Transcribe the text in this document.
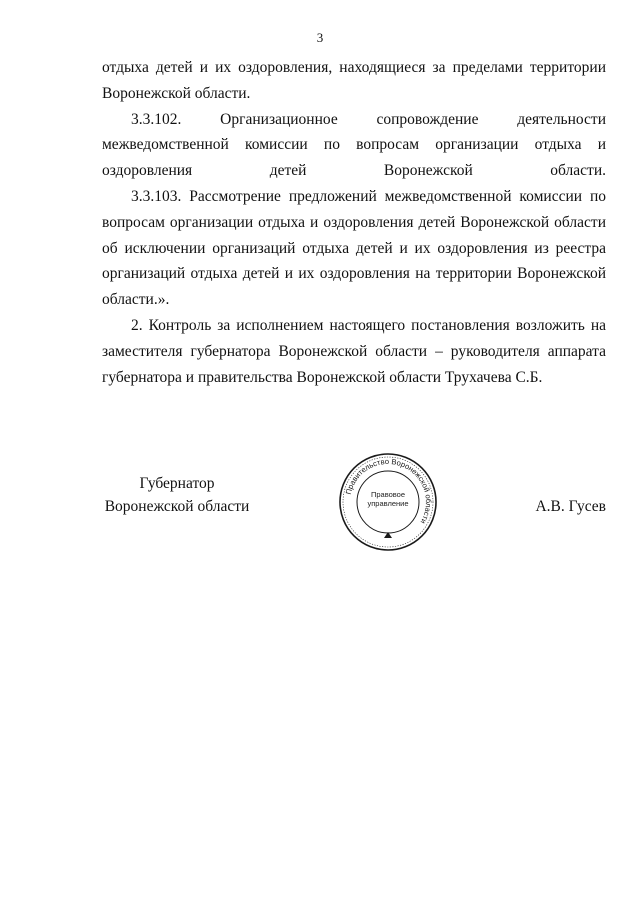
3

отдыха детей и их оздоровления, находящиеся за пределами территории Воронежской области.

3.3.102. Организационное сопровождение деятельности межведомственной комиссии по вопросам организации отдыха и оздоровления детей Воронежской области.

3.3.103. Рассмотрение предложений межведомственной комиссии по вопросам организации отдыха и оздоровления детей Воронежской области об исключении организаций отдыха детей и их оздоровления из реестра организаций отдыха детей и их оздоровления на территории Воронежской области.».

2. Контроль за исполнением настоящего постановления возложить на заместителя губернатора Воронежской области – руководителя аппарата губернатора и правительства Воронежской области Трухачева С.Б.

Губернатор
Воронежской области
Правительство Воронежской области
Правовое
управление	А.В. Гусев
